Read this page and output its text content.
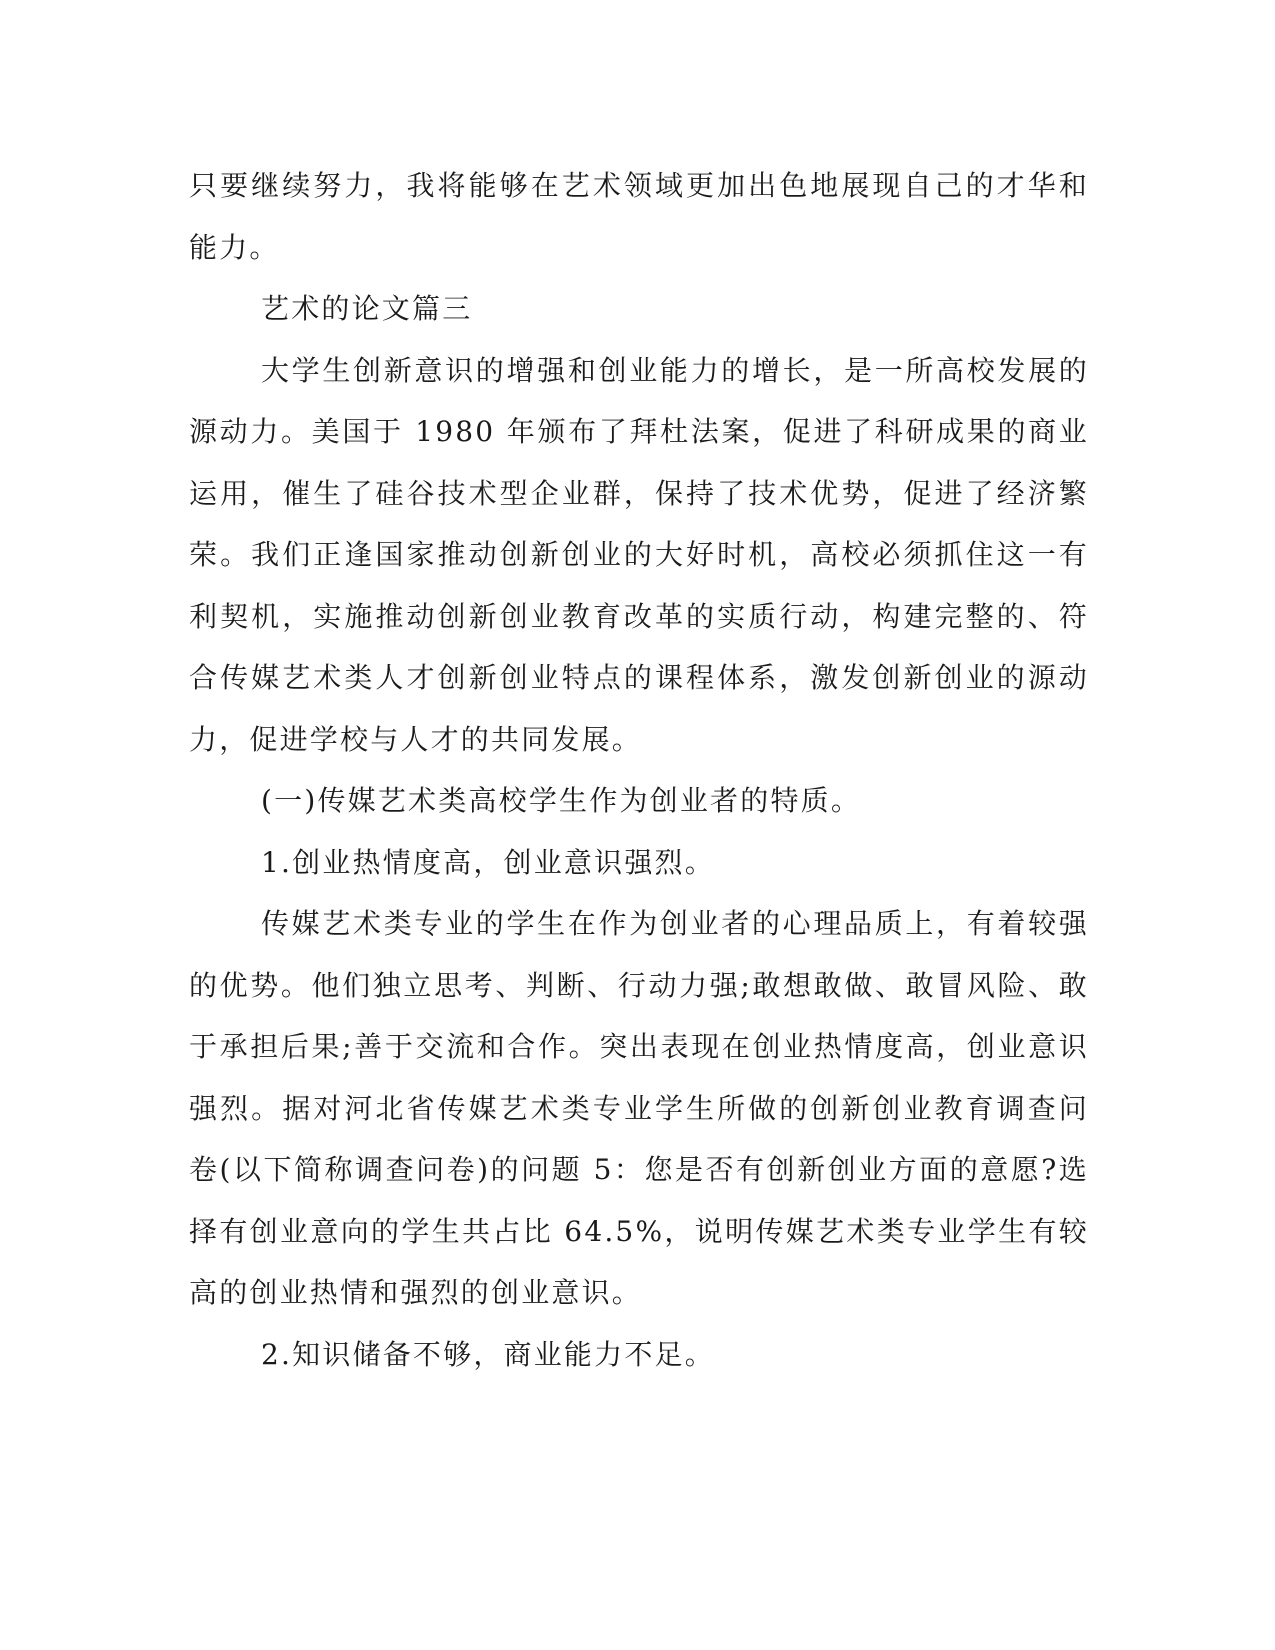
只要继续努力，我将能够在艺术领域更加出色地展现自己的才华和能力。

艺术的论文篇三

大学生创新意识的增强和创业能力的增长，是一所高校发展的源动力。美国于 1980 年颁布了拜杜法案，促进了科研成果的商业运用，催生了硅谷技术型企业群，保持了技术优势，促进了经济繁荣。我们正逢国家推动创新创业的大好时机，高校必须抓住这一有利契机，实施推动创新创业教育改革的实质行动，构建完整的、符合传媒艺术类人才创新创业特点的课程体系，激发创新创业的源动力，促进学校与人才的共同发展。

(一)传媒艺术类高校学生作为创业者的特质。

1.创业热情度高，创业意识强烈。

传媒艺术类专业的学生在作为创业者的心理品质上，有着较强的优势。他们独立思考、判断、行动力强;敢想敢做、敢冒风险、敢于承担后果;善于交流和合作。突出表现在创业热情度高，创业意识强烈。据对河北省传媒艺术类专业学生所做的创新创业教育调查问卷(以下简称调查问卷)的问题 5：您是否有创新创业方面的意愿?选择有创业意向的学生共占比 64.5%，说明传媒艺术类专业学生有较高的创业热情和强烈的创业意识。

2.知识储备不够，商业能力不足。
